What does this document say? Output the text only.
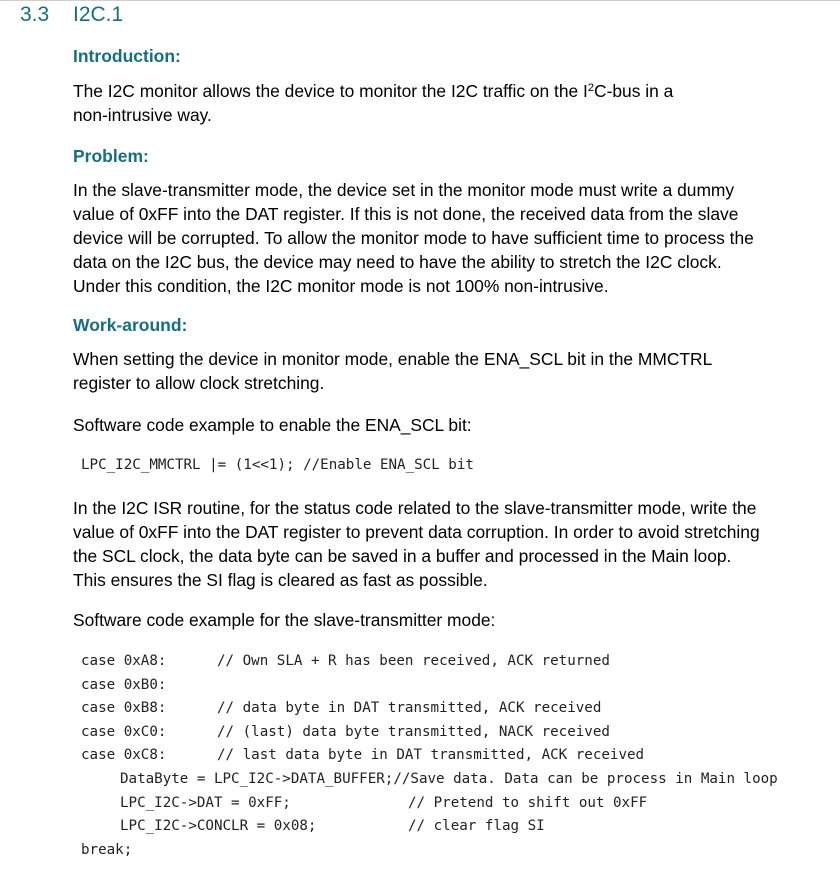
3.3 I2C.1
Introduction:
The I2C monitor allows the device to monitor the I2C traffic on the $I^2C$-bus in a
non-intrusive way.
Problem:
In the slave-transmitter mode, the device set in the monitor mode must write a dummy
value of 0xFF into the DAT register. If this is not done, the received data from the slave
device will be corrupted. To allow the monitor mode to have sufficient time to process the
data on the I2C bus, the device may need to have the ability to stretch the I2C clock.
Under this condition, the I2C monitor mode is not 100% non-intrusive.
Work-around:
When setting the device in monitor mode, enable the ENA_SCL bit in the MMCTRL
register to allow clock stretching.
Software code example to enable the ENA_SCL bit:
LPC_I2C_MMCTRL |= (1<<1); //Enable ENA_SCL bit
In the I2C ISR routine, for the status code related to the slave-transmitter mode, write the
value of 0xFF into the DAT register to prevent data corruption. In order to avoid stretching
the SCL clock, the data byte can be saved in a buffer and processed in the Main loop.
This ensures the SI flag is cleared as fast as possible.
Software code example for the slave-transmitter mode:
case 0xA8:	// Own SLA + R has been received, ACK returned
case 0xB0:
case 0xB8:	// data byte in DAT transmitted, ACK received
case 0xC0:	// (last) data byte transmitted, NACK received
case 0xC8:	// last data byte in DAT transmitted, ACK received
DataByte = LPC_I2C->DATA_BUFFER;//Save data. Data can be process in Main loop
LPC_I2C->DAT = 0xFF;	// Pretend to shift out 0xFF
LPC_I2C->CONCLR = 0x08;	// clear flag SI
break;
